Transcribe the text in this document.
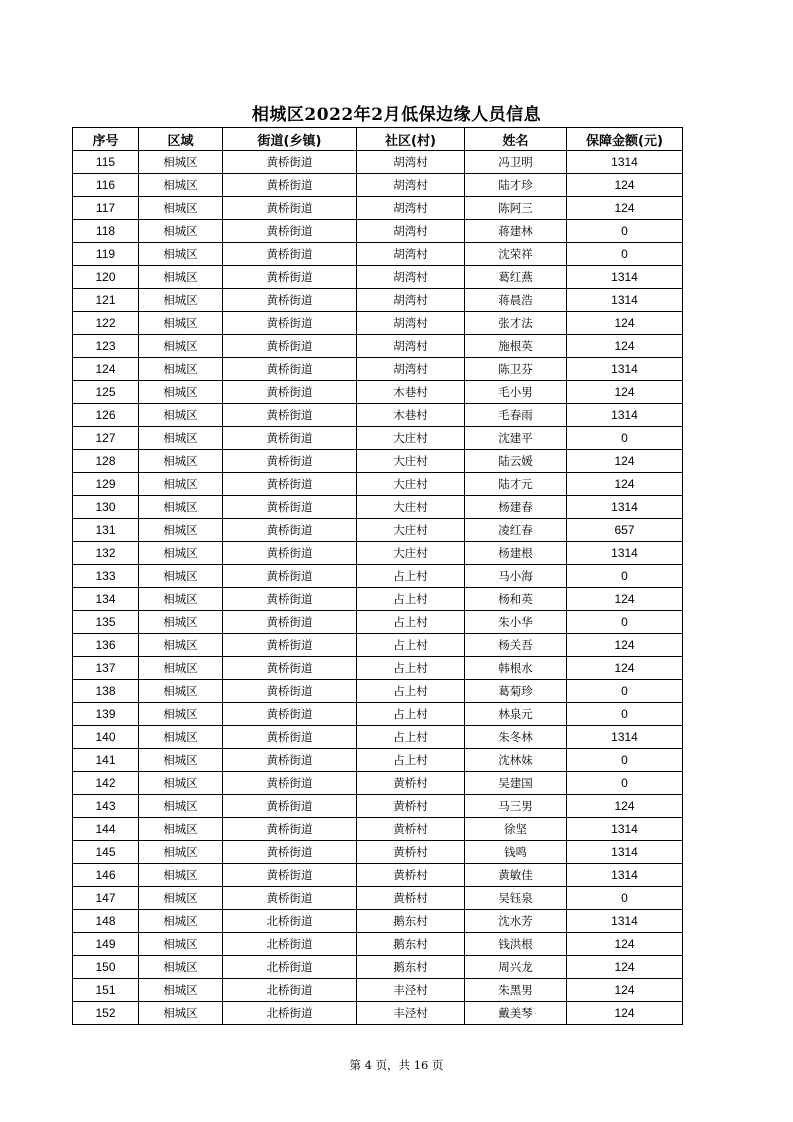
相城区2022年2月低保边缘人员信息
序号	区域	街道(乡镇)	社区(村)	姓名	保障金额(元)
115	相城区	黄桥街道	胡湾村	冯卫明	1314
116	相城区	黄桥街道	胡湾村	陆才珍	124
117	相城区	黄桥街道	胡湾村	陈阿三	124
118	相城区	黄桥街道	胡湾村	蒋建林	0
119	相城区	黄桥街道	胡湾村	沈荣祥	0
120	相城区	黄桥街道	胡湾村	葛红燕	1314
121	相城区	黄桥街道	胡湾村	蒋晨浩	1314
122	相城区	黄桥街道	胡湾村	张才法	124
123	相城区	黄桥街道	胡湾村	施根英	124
124	相城区	黄桥街道	胡湾村	陈卫芬	1314
125	相城区	黄桥街道	木巷村	毛小男	124
126	相城区	黄桥街道	木巷村	毛春雨	1314
127	相城区	黄桥街道	大庄村	沈建平	0
128	相城区	黄桥街道	大庄村	陆云媛	124
129	相城区	黄桥街道	大庄村	陆才元	124
130	相城区	黄桥街道	大庄村	杨建春	1314
131	相城区	黄桥街道	大庄村	凌红春	657
132	相城区	黄桥街道	大庄村	杨建根	1314
133	相城区	黄桥街道	占上村	马小海	0
134	相城区	黄桥街道	占上村	杨和英	124
135	相城区	黄桥街道	占上村	朱小华	0
136	相城区	黄桥街道	占上村	杨关吾	124
137	相城区	黄桥街道	占上村	韩根水	124
138	相城区	黄桥街道	占上村	葛菊珍	0
139	相城区	黄桥街道	占上村	林泉元	0
140	相城区	黄桥街道	占上村	朱冬林	1314
141	相城区	黄桥街道	占上村	沈林妹	0
142	相城区	黄桥街道	黄桥村	吴建国	0
143	相城区	黄桥街道	黄桥村	马三男	124
144	相城区	黄桥街道	黄桥村	徐坚	1314
145	相城区	黄桥街道	黄桥村	钱鸣	1314
146	相城区	黄桥街道	黄桥村	黄敏佳	1314
147	相城区	黄桥街道	黄桥村	吴钰泉	0
148	相城区	北桥街道	鹅东村	沈水芳	1314
149	相城区	北桥街道	鹅东村	钱洪根	124
150	相城区	北桥街道	鹅东村	周兴龙	124
151	相城区	北桥街道	丰泾村	朱黑男	124
152	相城区	北桥街道	丰泾村	戴美琴	124
第 4 页，共 16 页
